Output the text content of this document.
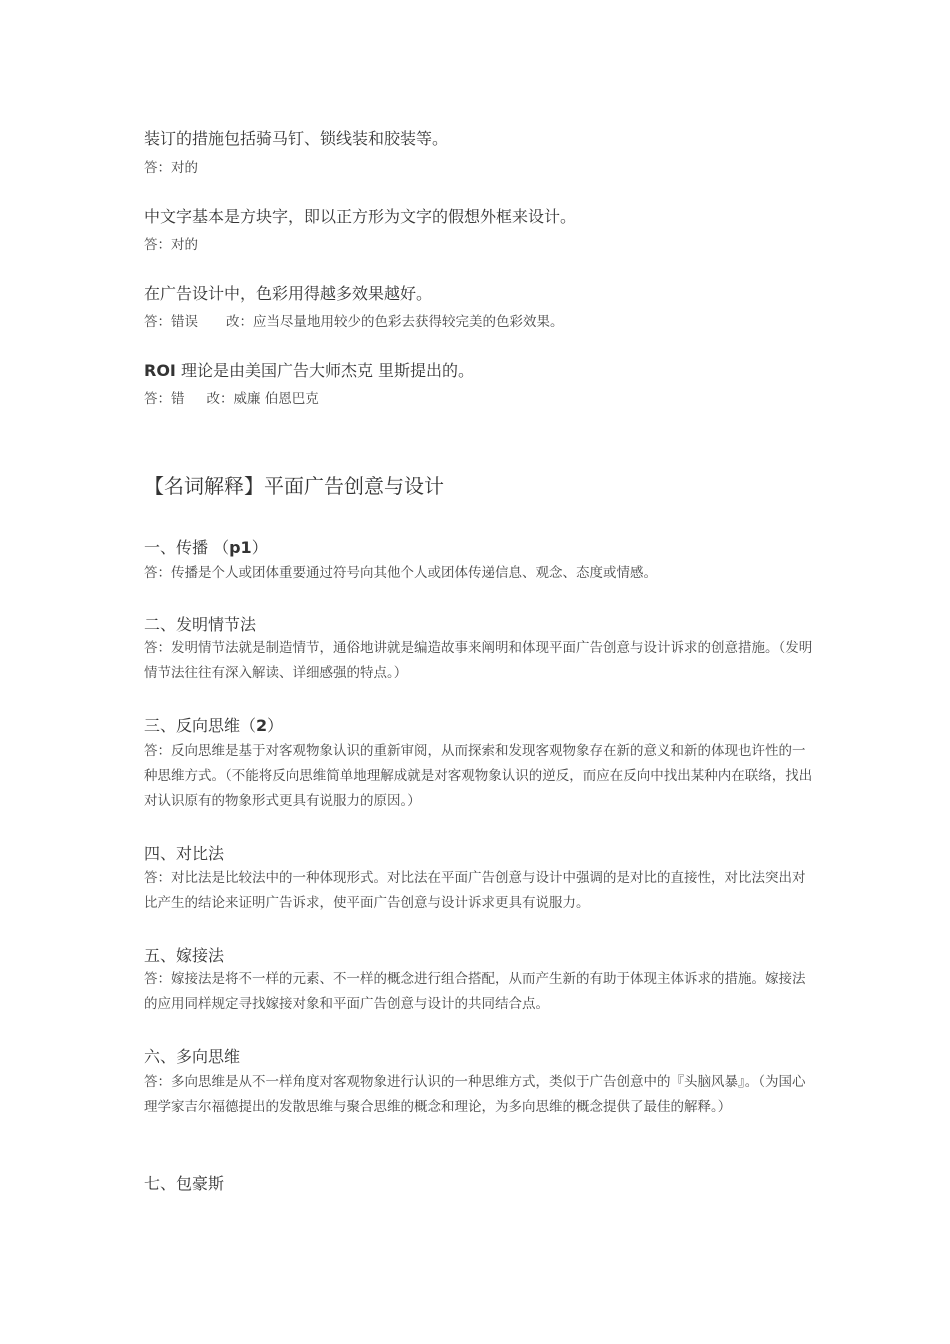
装订的措施包括骑马钉、锁线装和胶装等。

答：对的

中文字基本是方块字，即以正方形为文字的假想外框来设计。

答：对的

在广告设计中，色彩用得越多效果越好。

答：错误 改：应当尽量地用较少的色彩去获得较完美的色彩效果。

ROI 理论是由美国广告大师杰克 里斯提出的。

答：错 改：威廉 伯恩巴克

【名词解释】平面广告创意与设计

一、传播 （p1）

答：传播是个人或团体重要通过符号向其他个人或团体传递信息、观念、态度或情感。

二、发明情节法

答：发明情节法就是制造情节，通俗地讲就是编造故事来阐明和体现平面广告创意与设计诉求的创意措施。（发明情节法往往有深入解读、详细感强的特点。）

三、反向思维（2）

答：反向思维是基于对客观物象认识的重新审阅，从而探索和发现客观物象存在新的意义和新的体现也许性的一种思维方式。（不能将反向思维简单地理解成就是对客观物象认识的逆反，而应在反向中找出某种内在联络，找出对认识原有的物象形式更具有说服力的原因。）

四、对比法

答：对比法是比较法中的一种体现形式。对比法在平面广告创意与设计中强调的是对比的直接性，对比法突出对比产生的结论来证明广告诉求，使平面广告创意与设计诉求更具有说服力。

五、嫁接法

答：嫁接法是将不一样的元素、不一样的概念进行组合搭配，从而产生新的有助于体现主体诉求的措施。嫁接法的应用同样规定寻找嫁接对象和平面广告创意与设计的共同结合点。

六、多向思维

答：多向思维是从不一样角度对客观物象进行认识的一种思维方式，类似于广告创意中的『头脑风暴』。（为国心理学家吉尔福德提出的发散思维与聚合思维的概念和理论，为多向思维的概念提供了最佳的解释。）

七、包豪斯
